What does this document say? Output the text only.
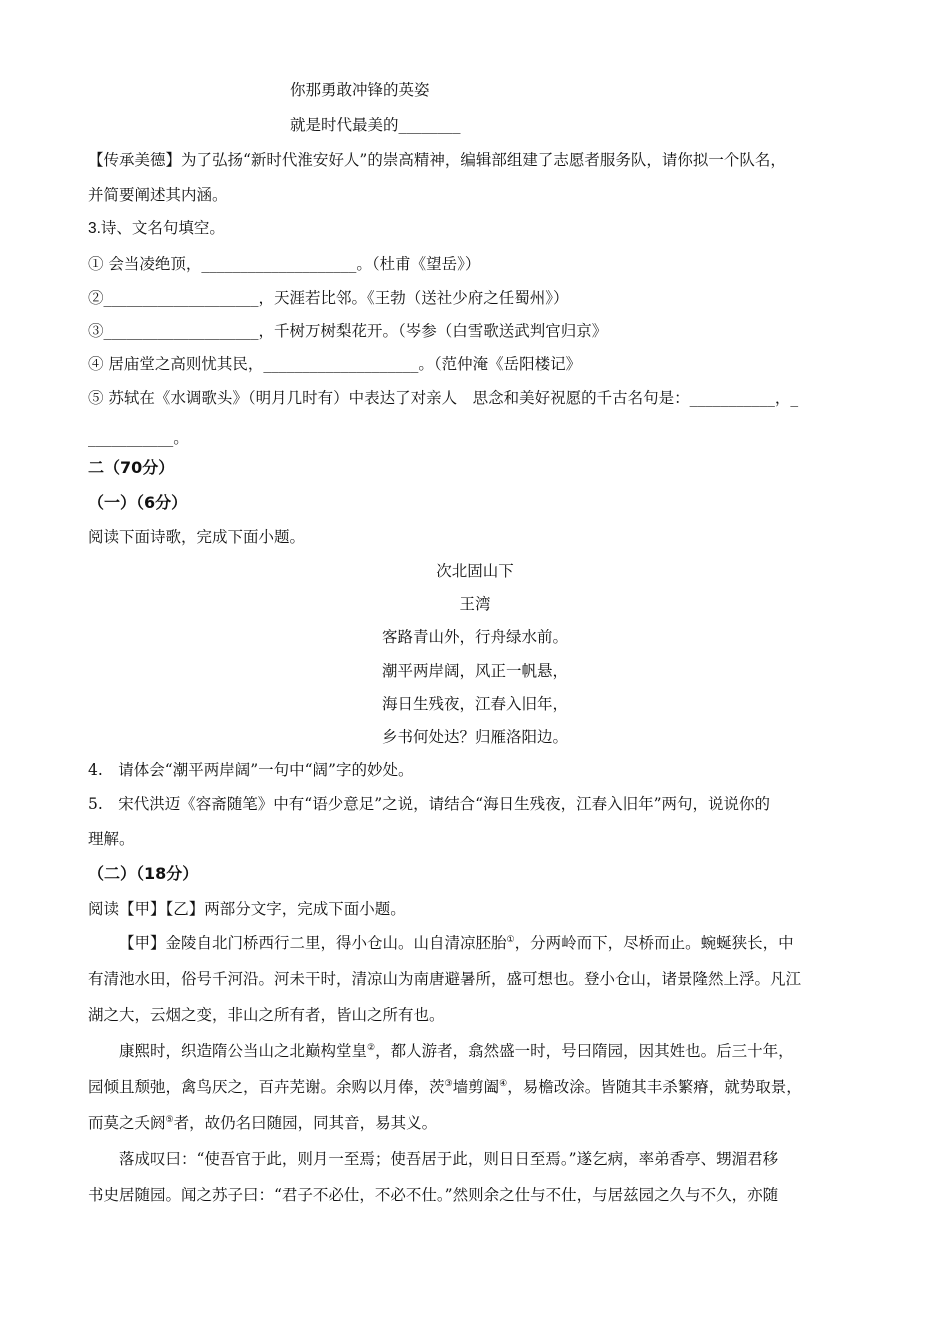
你那勇敢冲锋的英姿
就是时代最美的________
【传承美德】为了弘扬“新时代淮安好人”的崇高精神，编辑部组建了志愿者服务队，请你拟一个队名，
并简要阐述其内涵。
3.诗、文名句填空。
① 会当凌绝顶，____________________。（杜甫《望岳》）
②____________________，天涯若比邻。《王勃（送社少府之任蜀州》）
③____________________，千树万树梨花开。（岑参（白雪歌送武判官归京》
④ 居庙堂之高则忧其民，____________________。（范仲淹《岳阳楼记》
⑤ 苏轼在《水调歌头》（明月几时有）中表达了对亲人　思念和美好祝愿的千古名句是：___________，_
___________。
二（70分）
（一）（6分）
阅读下面诗歌，完成下面小题。
次北固山下
王湾
客路青山外，行舟绿水前。
潮平两岸阔，风正一帆悬，
海日生残夜，江春入旧年，
乡书何处达？归雁洛阳边。
4.　请体会“潮平两岸阔”一句中“阔”字的妙处。
5.　宋代洪迈《容斋随笔》中有“语少意足”之说，请结合“海日生残夜，江春入旧年”两句，说说你的
理解。
（二）（18分）
阅读【甲】【乙】两部分文字，完成下面小题。
【甲】金陵自北门桥西行二里，得小仓山。山自清凉胚胎①，分两岭而下，尽桥而止。蜿蜒狭长，中
有清池水田，俗号千河沿。河未干时，清凉山为南唐避暑所，盛可想也。登小仓山，诸景隆然上浮。凡江
湖之大，云烟之变，非山之所有者，皆山之所有也。
康熙时，织造隋公当山之北巅构堂皇②，都人游者，翕然盛一时，号曰隋园，因其姓也。后三十年，
园倾且颓弛，禽鸟厌之，百卉芜谢。余购以月俸，茨③墙剪阖④，易檐改涂。皆随其丰杀繁瘠，就势取景，
而莫之夭阏⑤者，故仍名曰随园，同其音，易其义。
落成叹曰：“使吾官于此，则月一至焉；使吾居于此，则日日至焉。”遂乞病，率弟香亭、甥湄君移
书史居随园。闻之苏子曰：“君子不必仕，不必不仕。”然则余之仕与不仕，与居兹园之久与不久，亦随
